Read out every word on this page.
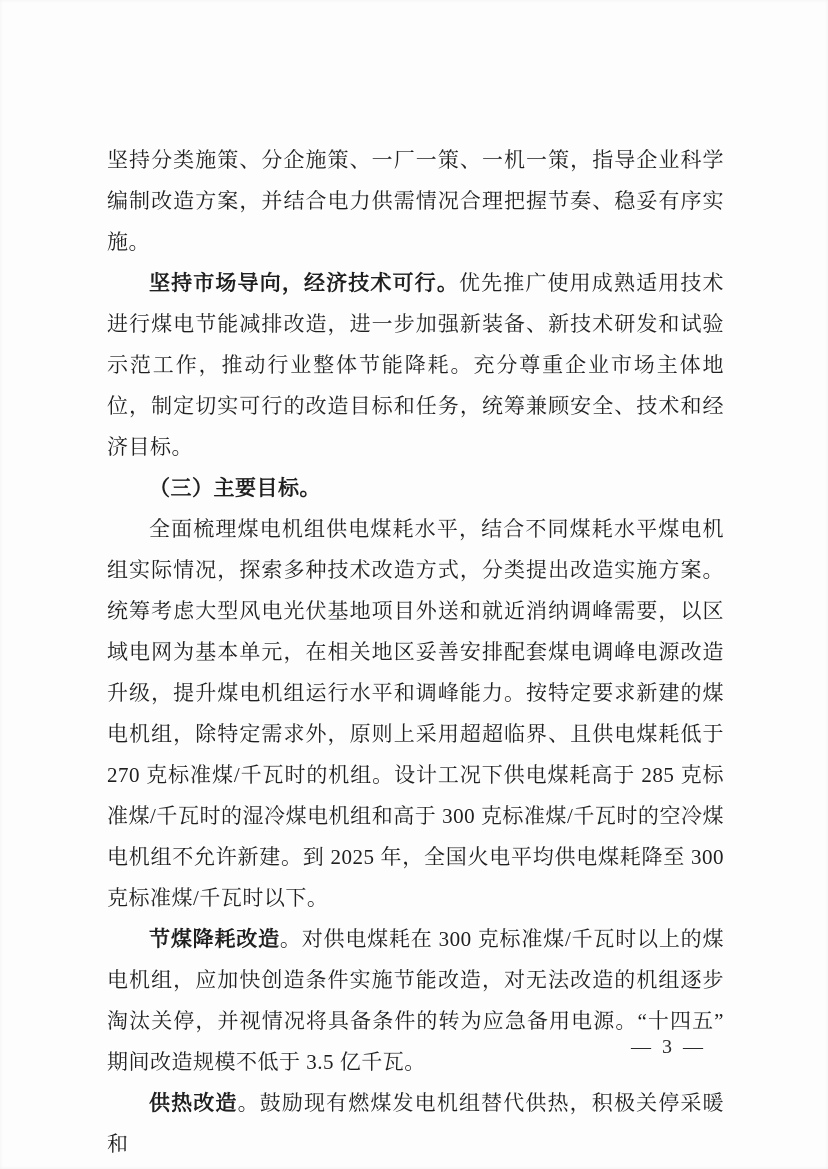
坚持分类施策、分企施策、一厂一策、一机一策，指导企业科学编制改造方案，并结合电力供需情况合理把握节奏、稳妥有序实施。

坚持市场导向，经济技术可行。优先推广使用成熟适用技术进行煤电节能减排改造，进一步加强新装备、新技术研发和试验示范工作，推动行业整体节能降耗。充分尊重企业市场主体地位，制定切实可行的改造目标和任务，统筹兼顾安全、技术和经济目标。

（三）主要目标。

全面梳理煤电机组供电煤耗水平，结合不同煤耗水平煤电机组实际情况，探索多种技术改造方式，分类提出改造实施方案。统筹考虑大型风电光伏基地项目外送和就近消纳调峰需要，以区域电网为基本单元，在相关地区妥善安排配套煤电调峰电源改造升级，提升煤电机组运行水平和调峰能力。按特定要求新建的煤电机组，除特定需求外，原则上采用超超临界、且供电煤耗低于 270 克标准煤/千瓦时的机组。设计工况下供电煤耗高于 285 克标准煤/千瓦时的湿冷煤电机组和高于 300 克标准煤/千瓦时的空冷煤电机组不允许新建。到 2025 年，全国火电平均供电煤耗降至 300 克标准煤/千瓦时以下。

节煤降耗改造。对供电煤耗在 300 克标准煤/千瓦时以上的煤电机组，应加快创造条件实施节能改造，对无法改造的机组逐步淘汰关停，并视情况将具备条件的转为应急备用电源。“十四五”期间改造规模不低于 3.5 亿千瓦。

供热改造。鼓励现有燃煤发电机组替代供热，积极关停采暖和

— 3 —
